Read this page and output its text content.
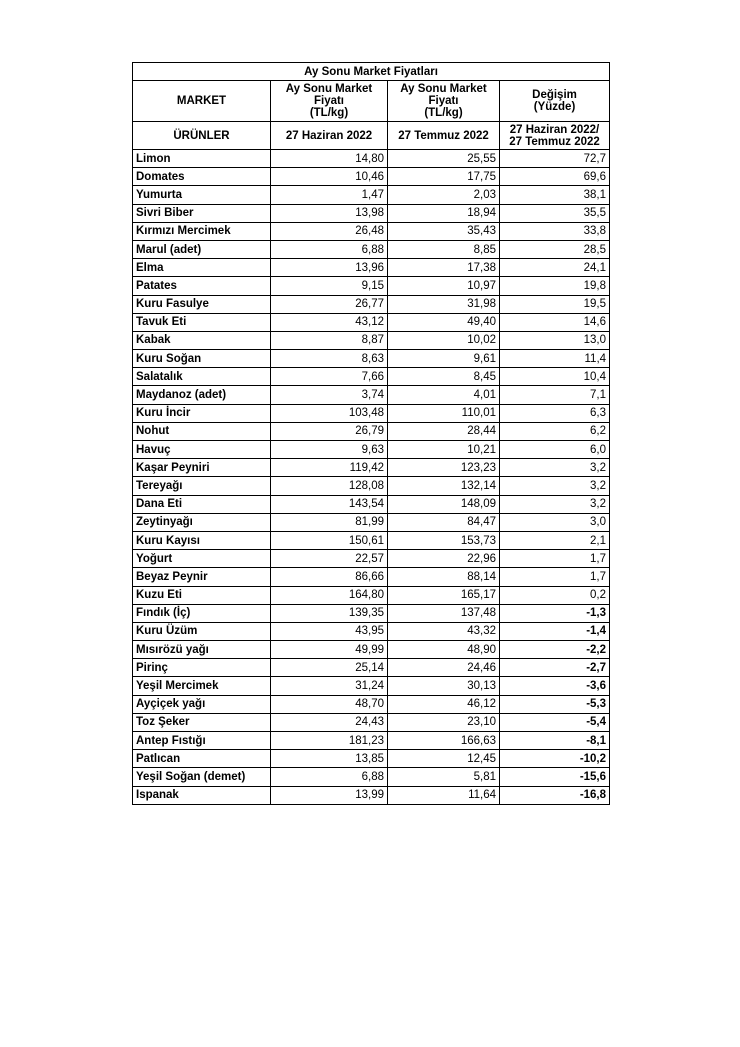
Ay Sonu Market Fiyatları			
MARKET	Ay Sonu Market
Fiyatı
(TL/kg)	Ay Sonu Market
Fiyatı
(TL/kg)	Değişim
(Yüzde)

ÜRÜNLER	27 Haziran 2022	27 Temmuz 2022	27 Haziran 2022/
27 Temmuz 2022

Limon	14,80	25,55	72,7
Domates	10,46	17,75	69,6
Yumurta	1,47	2,03	38,1
Sivri Biber	13,98	18,94	35,5
Kırmızı Mercimek	26,48	35,43	33,8
Marul (adet)	6,88	8,85	28,5
Elma	13,96	17,38	24,1
Patates	9,15	10,97	19,8
Kuru Fasulye	26,77	31,98	19,5
Tavuk Eti	43,12	49,40	14,6
Kabak	8,87	10,02	13,0
Kuru Soğan	8,63	9,61	11,4
Salatalık	7,66	8,45	10,4
Maydanoz (adet)	3,74	4,01	7,1
Kuru İncir	103,48	110,01	6,3
Nohut	26,79	28,44	6,2
Havuç	9,63	10,21	6,0
Kaşar Peyniri	119,42	123,23	3,2
Tereyağı	128,08	132,14	3,2
Dana Eti	143,54	148,09	3,2
Zeytinyağı	81,99	84,47	3,0
Kuru Kayısı	150,61	153,73	2,1
Yoğurt	22,57	22,96	1,7
Beyaz Peynir	86,66	88,14	1,7
Kuzu Eti	164,80	165,17	0,2
Fındık (İç)	139,35	137,48	-1,3
Kuru Üzüm	43,95	43,32	-1,4
Mısırözü yağı	49,99	48,90	-2,2
Pirinç	25,14	24,46	-2,7
Yeşil Mercimek	31,24	30,13	-3,6
Ayçiçek yağı	48,70	46,12	-5,3
Toz Şeker	24,43	23,10	-5,4
Antep Fıstığı	181,23	166,63	-8,1
Patlıcan	13,85	12,45	-10,2
Yeşil Soğan (demet)	6,88	5,81	-15,6
Ispanak	13,99	11,64	-16,8
